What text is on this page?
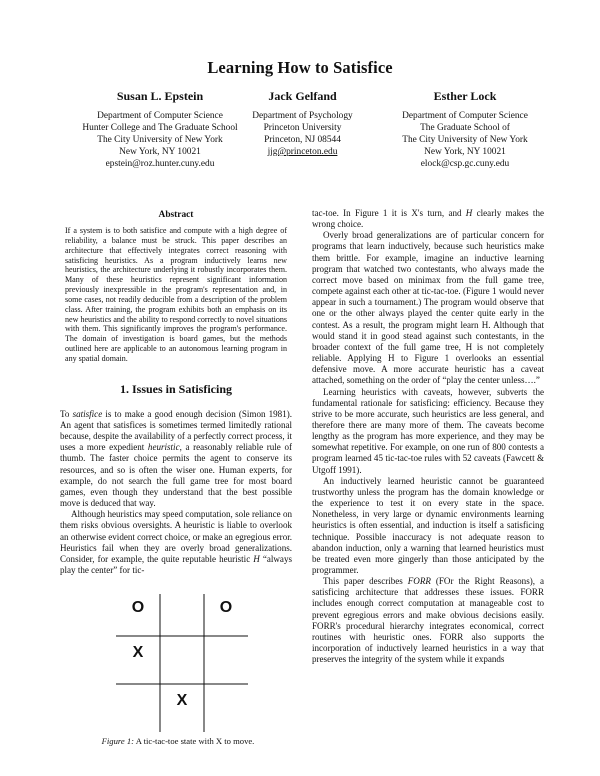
Learning How to Satisfice
Susan L. Epstein
Department of Computer Science
Hunter College and The Graduate School
The City University of New York
New York, NY 10021
epstein@roz.hunter.cuny.edu
Jack Gelfand
Department of Psychology
Princeton University
Princeton, NJ 08544
jjg@princeton.edu
Esther Lock
Department of Computer Science
The Graduate School of
The City University of New York
New York, NY 10021
elock@csp.gc.cuny.edu
Abstract

If a system is to both satisfice and compute with a high degree of reliability, a balance must be struck. This paper describes an architecture that effectively integrates correct reasoning with satisficing heuristics. As a program inductively learns new heuristics, the architecture underlying it robustly incorporates them. Many of these heuristics represent significant information previously inexpressible in the program's representation and, in some cases, not readily deducible from a description of the problem class. After training, the program exhibits both an emphasis on its new heuristics and the ability to respond correctly to novel situations with them. This significantly improves the program's performance. The domain of investigation is board games, but the methods outlined here are applicable to an autonomous learning program in any spatial domain.

1. Issues in Satisficing

To satisfice is to make a good enough decision (Simon 1981). An agent that satisfices is sometimes termed limitedly rational because, despite the availability of a perfectly correct process, it uses a more expedient heuristic, a reasonably reliable rule of thumb. The faster choice permits the agent to conserve its resources, and so is often the wiser one. Human experts, for example, do not search the full game tree for most board games, even though they understand that the best possible move is deduced that way.

Although heuristics may speed computation, sole reliance on them risks obvious oversights. A heuristic is liable to overlook an otherwise evident correct choice, or make an egregious error. Heuristics fail when they are overly broad generalizations. Consider, for example, the quite reputable heuristic H “always play the center” for tic-

O	O
X
X
Figure 1: A tic-tac-toe state with X to move.

tac-toe. In Figure 1 it is X's turn, and H clearly makes the wrong choice.

Overly broad generalizations are of particular concern for programs that learn inductively, because such heuristics make them brittle. For example, imagine an inductive learning program that watched two contestants, who always made the correct move based on minimax from the full game tree, compete against each other at tic-tac-toe. (Figure 1 would never appear in such a tournament.) The program would observe that one or the other always played the center quite early in the contest. As a result, the program might learn H. Although that would stand it in good stead against such contestants, in the broader context of the full game tree, H is not completely reliable. Applying H to Figure 1 overlooks an essential defensive move. A more accurate heuristic has a caveat attached, something on the order of “play the center unless….”

Learning heuristics with caveats, however, subverts the fundamental rationale for satisficing: efficiency. Because they strive to be more accurate, such heuristics are less general, and therefore there are many more of them. The caveats become lengthy as the program has more experience, and they may be somewhat repetitive. For example, on one run of 800 contests a program learned 45 tic-tac-toe rules with 52 caveats (Fawcett & Utgoff 1991).

An inductively learned heuristic cannot be guaranteed trustworthy unless the program has the domain knowledge or the experience to test it on every state in the space. Nonetheless, in very large or dynamic environments learning heuristics is often essential, and induction is itself a satisficing technique. Possible inaccuracy is not adequate reason to abandon induction, only a warning that learned heuristics must be treated even more gingerly than those anticipated by the programmer.

This paper describes FORR (FOr the Right Reasons), a satisficing architecture that addresses these issues. FORR includes enough correct computation at manageable cost to prevent egregious errors and make obvious decisions easily. FORR's procedural hierarchy integrates economical, correct routines with heuristic ones. FORR also supports the incorporation of inductively learned heuristics in a way that preserves the integrity of the system while it expands
